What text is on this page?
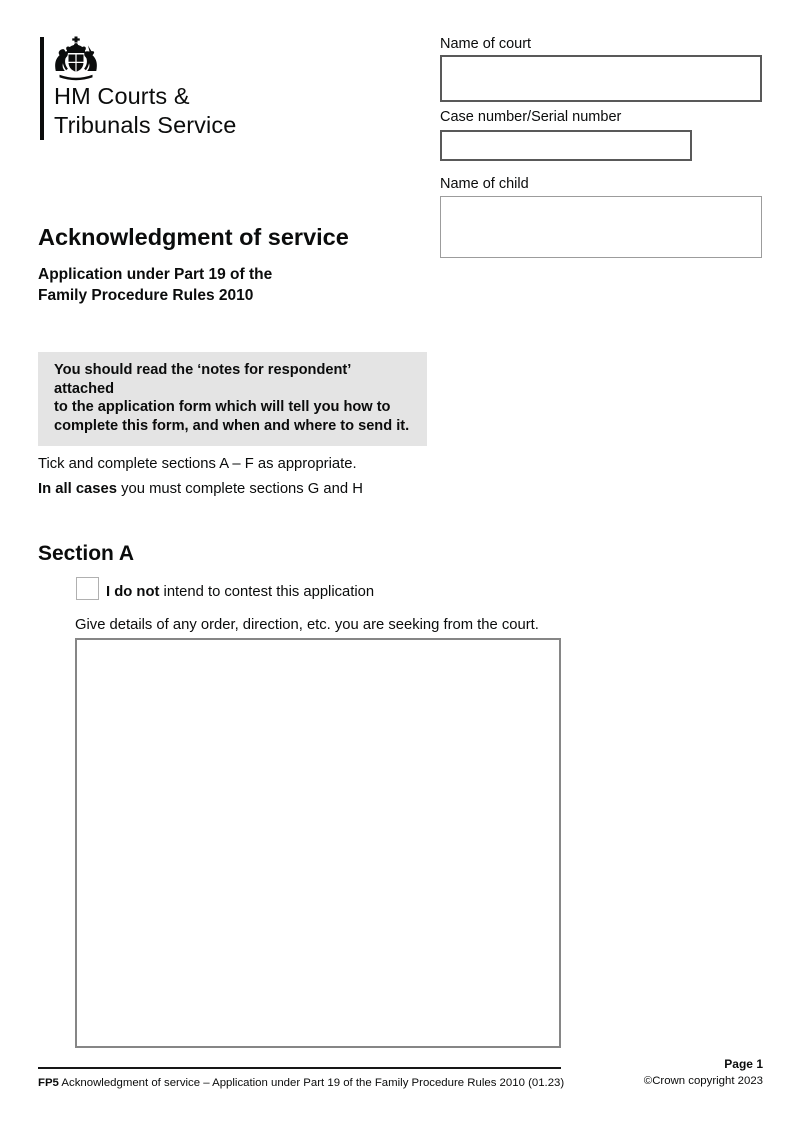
HM Courts &
Tribunals Service
Name of court
Case number/Serial number
Name of child
Acknowledgment of service
Application under Part 19 of the
Family Procedure Rules 2010
You should read the ‘notes for respondent’ attached
to the application form which will tell you how to
complete this form, and when and where to send it.
Tick and complete sections A – F as appropriate.
In all cases you must complete sections G and H
Section A
I do not intend to contest this application
Give details of any order, direction, etc. you are seeking from the court.
FP5 Acknowledgment of service – Application under Part 19 of the Family Procedure Rules 2010 (01.23)
Page 1
©Crown copyright 2023
